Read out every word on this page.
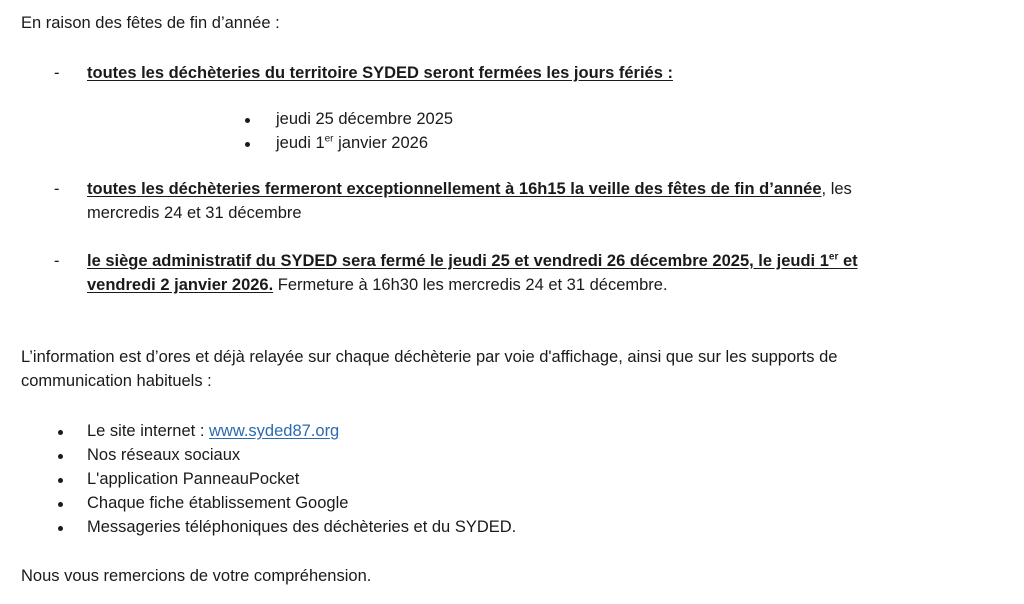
En raison des fêtes de fin d’année :
- toutes les déchèteries du territoire SYDED seront fermées les jours fériés :
jeudi 25 décembre 2025
jeudi 1er janvier 2026
- toutes les déchèteries fermeront exceptionnellement à 16h15 la veille des fêtes de fin d’année, les
mercredis 24 et 31 décembre
- le siège administratif du SYDED sera fermé le jeudi 25 et vendredi 26 décembre 2025, le jeudi 1er et
vendredi 2 janvier 2026. Fermeture à 16h30 les mercredis 24 et 31 décembre.
L’information est d’ores et déjà relayée sur chaque déchèterie par voie d'affichage, ainsi que sur les supports de
communication habituels :
Le site internet : www.syded87.org
Nos réseaux sociaux
L'application PanneauPocket
Chaque fiche établissement Google
Messageries téléphoniques des déchèteries et du SYDED.
Nous vous remercions de votre compréhension.
